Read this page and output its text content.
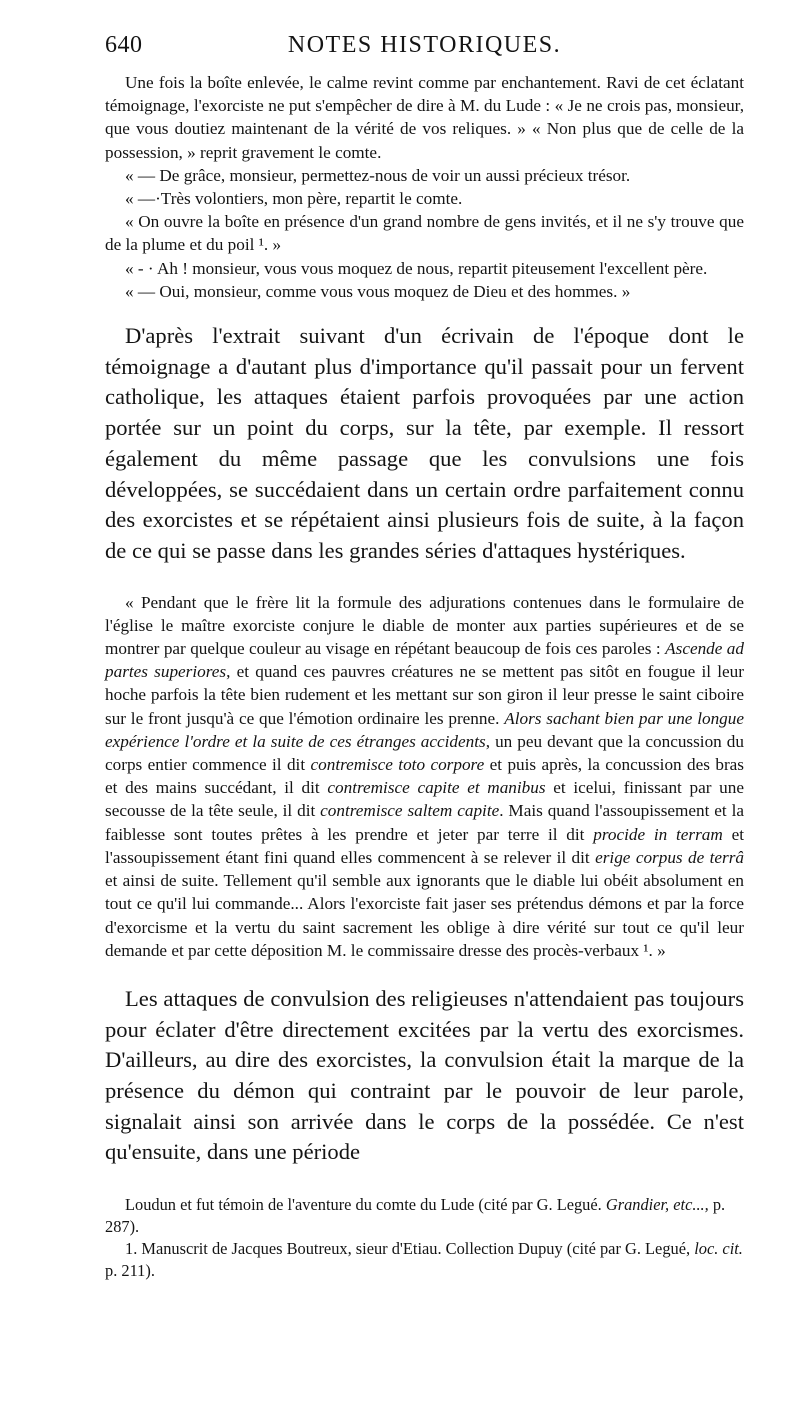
640	NOTES HISTORIQUES.

Une fois la boîte enlevée, le calme revint comme par enchantement. Ravi de cet éclatant témoignage, l'exorciste ne put s'empêcher de dire à M. du Lude : « Je ne crois pas, monsieur, que vous doutiez maintenant de la vérité de vos reliques. » « Non plus que de celle de la possession, » reprit gravement le comte.

« — De grâce, monsieur, permettez-nous de voir un aussi précieux trésor.

« —·Très volontiers, mon père, repartit le comte.

« On ouvre la boîte en présence d'un grand nombre de gens invités, et il ne s'y trouve que de la plume et du poil ¹. »

« - · Ah ! monsieur, vous vous moquez de nous, repartit piteusement l'excellent père.

« — Oui, monsieur, comme vous vous moquez de Dieu et des hommes. »

D'après l'extrait suivant d'un écrivain de l'époque dont le témoignage a d'autant plus d'importance qu'il passait pour un fervent catholique, les attaques étaient parfois provoquées par une action portée sur un point du corps, sur la tête, par exemple. Il ressort également du même passage que les convulsions une fois développées, se succédaient dans un certain ordre parfaitement connu des exorcistes et se répétaient ainsi plusieurs fois de suite, à la façon de ce qui se passe dans les grandes séries d'attaques hystériques.

« Pendant que le frère lit la formule des adjurations contenues dans le formulaire de l'église le maître exorciste conjure le diable de monter aux parties supérieures et de se montrer par quelque couleur au visage en répétant beaucoup de fois ces paroles : Ascende ad partes superiores, et quand ces pauvres créatures ne se mettent pas sitôt en fougue il leur hoche parfois la tête bien rudement et les mettant sur son giron il leur presse le saint ciboire sur le front jusqu'à ce que l'émotion ordinaire les prenne. Alors sachant bien par une longue expérience l'ordre et la suite de ces étranges accidents, un peu devant que la concussion du corps entier commence il dit contremisce toto corpore et puis après, la concussion des bras et des mains succédant, il dit contremisce capite et manibus et icelui, finissant par une secousse de la tête seule, il dit contremisce saltem capite. Mais quand l'assoupissement et la faiblesse sont toutes prêtes à les prendre et jeter par terre il dit procide in terram et l'assoupissement étant fini quand elles commencent à se relever il dit erige corpus de terrâ et ainsi de suite. Tellement qu'il semble aux ignorants que le diable lui obéit absolument en tout ce qu'il lui commande... Alors l'exorciste fait jaser ses prétendus démons et par la force d'exorcisme et la vertu du saint sacrement les oblige à dire vérité sur tout ce qu'il leur demande et par cette déposition M. le commissaire dresse des procès-verbaux ¹. »

Les attaques de convulsion des religieuses n'attendaient pas toujours pour éclater d'être directement excitées par la vertu des exorcismes. D'ailleurs, au dire des exorcistes, la convulsion était la marque de la présence du démon qui contraint par le pouvoir de leur parole, signalait ainsi son arrivée dans le corps de la possédée. Ce n'est qu'ensuite, dans une période

Loudun et fut témoin de l'aventure du comte du Lude (cité par G. Legué. Grandier, etc..., p. 287).

1. Manuscrit de Jacques Boutreux, sieur d'Etiau. Collection Dupuy (cité par G. Legué, loc. cit. p. 211).
